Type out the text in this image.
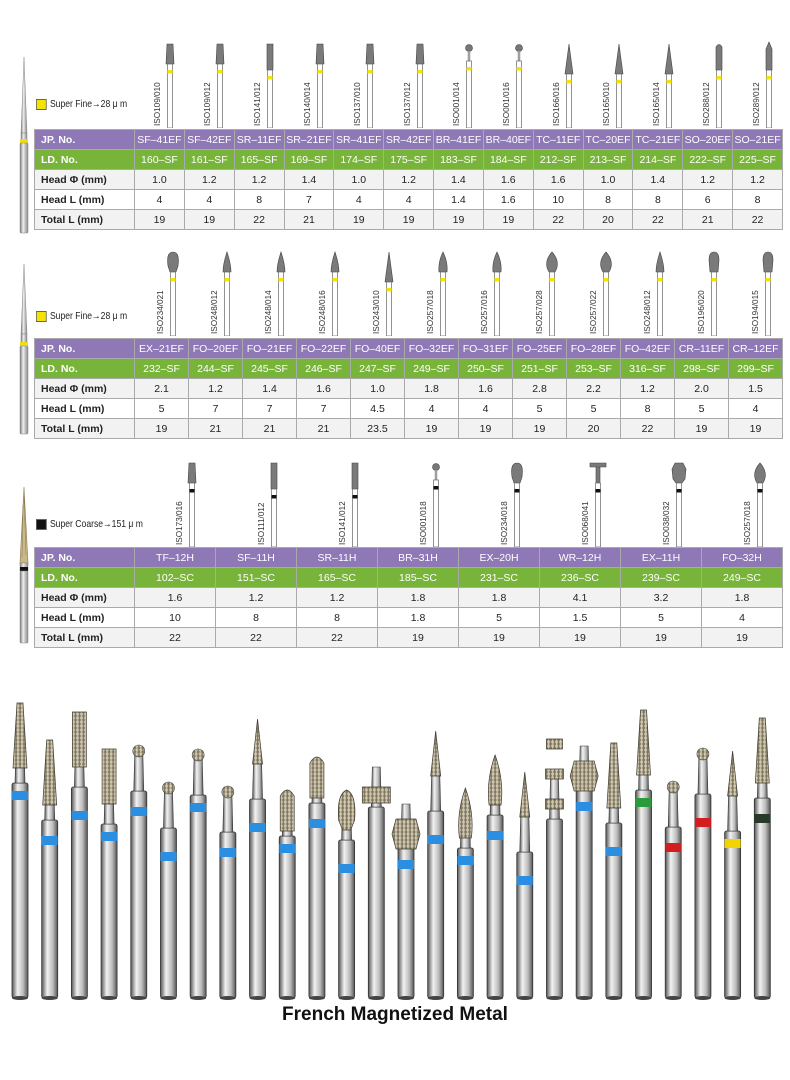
Super Fine→28 μ m	ISO109/010	ISO109/012	ISO141/012	ISO140/014	ISO137/010	ISO137/012	ISO001/014	ISO001/016	ISO166/016	ISO165/010	ISO165/014	ISO288/012	ISO289/012
JP. No.	SF–41EF	SF–42EF	SR–11EF	SR–21EF	SR–41EF	SR–42EF	BR–41EF	BR–40EF	TC–11EF	TC–20EF	TC–21EF	SO–20EF	SO–21EF
LD. No.	160–SF	161–SF	165–SF	169–SF	174–SF	175–SF	183–SF	184–SF	212–SF	213–SF	214–SF	222–SF	225–SF
Head Φ (mm)	1.0	1.2	1.2	1.4	1.0	1.2	1.4	1.6	1.6	1.0	1.4	1.2	1.2
Head L (mm)	4	4	8	7	4	4	1.4	1.6	10	8	8	6	8
Total L (mm)	19	19	22	21	19	19	19	19	22	20	22	21	22
Super Fine→28 μ m	ISO234/021	ISO248/012	ISO248/014	ISO248/016	ISO243/010	ISO257/018	ISO257/016	ISO257/028	ISO257/022	ISO248/012	ISO196/020	ISO194/015
JP. No.	EX–21EF	FO–20EF	FO–21EF	FO–22EF	FO–40EF	FO–32EF	FO–31EF	FO–25EF	FO–28EF	FO–42EF	CR–11EF	CR–12EF
LD. No.	232–SF	244–SF	245–SF	246–SF	247–SF	249–SF	250–SF	251–SF	253–SF	316–SF	298–SF	299–SF
Head Φ (mm)	2.1	1.2	1.4	1.6	1.0	1.8	1.6	2.8	2.2	1.2	2.0	1.5
Head L (mm)	5	7	7	7	4.5	4	4	5	5	8	5	4
Total L (mm)	19	21	21	21	23.5	19	19	19	20	22	19	19
Super Coarse→151 μ m	ISO173/016	ISO111/012	ISO141/012	ISO001/018	ISO234/018	ISO068/041	ISO038/032	ISO257/018
JP. No.	TF–12H	SF–11H	SR–11H	BR–31H	EX–20H	WR–12H	EX–11H	FO–32H
LD. No.	102–SC	151–SC	165–SC	185–SC	231–SC	236–SC	239–SC	249–SC
Head Φ (mm)	1.6	1.2	1.2	1.8	1.8	4.1	3.2	1.8
Head L (mm)	10	8	8	1.8	5	1.5	5	4
Total L (mm)	22	22	22	19	19	19	19	19
French Magnetized Metal
